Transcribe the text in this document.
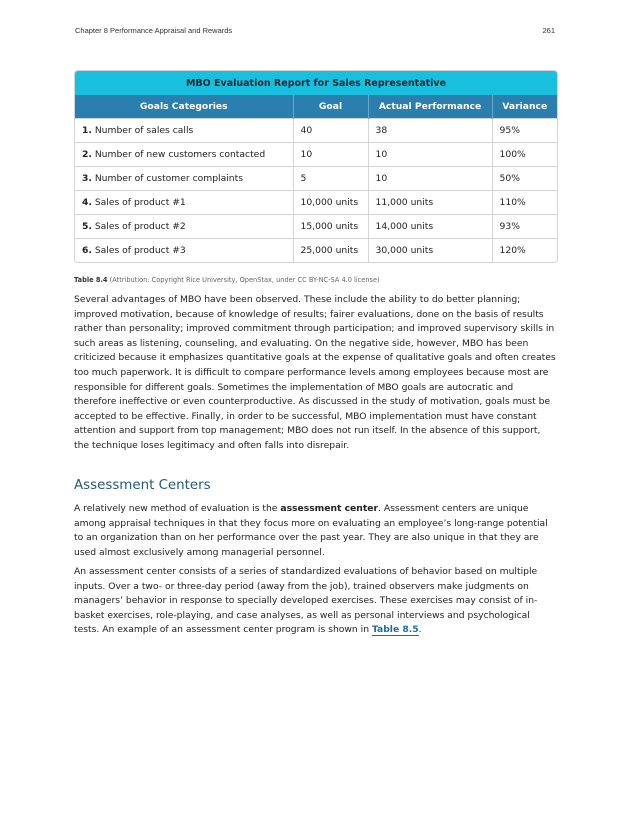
Chapter 8 Performance Appraisal and Rewards	261
MBO Evaluation Report for Sales Representative
Goals Categories	Goal	Actual Performance	Variance
1. Number of sales calls	40	38	95%
2. Number of new customers contacted	10	10	100%
3. Number of customer complaints	5	10	50%
4. Sales of product #1	10,000 units	11,000 units	110%
5. Sales of product #2	15,000 units	14,000 units	93%
6. Sales of product #3	25,000 units	30,000 units	120%
Table 8.4 (Attribution: Copyright Rice University, OpenStax, under CC BY-NC-SA 4.0 license)

Several advantages of MBO have been observed. These include the ability to do better planning; improved motivation, because of knowledge of results; fairer evaluations, done on the basis of results rather than personality; improved commitment through participation; and improved supervisory skills in such areas as listening, counseling, and evaluating. On the negative side, however, MBO has been criticized because it emphasizes quantitative goals at the expense of qualitative goals and often creates too much paperwork. It is difficult to compare performance levels among employees because most are responsible for different goals. Sometimes the implementation of MBO goals are autocratic and therefore ineffective or even counterproductive. As discussed in the study of motivation, goals must be accepted to be effective. Finally, in order to be successful, MBO implementation must have constant attention and support from top management; MBO does not run itself. In the absence of this support, the technique loses legitimacy and often falls into disrepair.

Assessment Centers

A relatively new method of evaluation is the assessment center. Assessment centers are unique among appraisal techniques in that they focus more on evaluating an employee’s long-range potential to an organization than on her performance over the past year. They are also unique in that they are used almost exclusively among managerial personnel.

An assessment center consists of a series of standardized evaluations of behavior based on multiple inputs. Over a two- or three-day period (away from the job), trained observers make judgments on managers’ behavior in response to specially developed exercises. These exercises may consist of in-basket exercises, role-playing, and case analyses, as well as personal interviews and psychological tests. An example of an assessment center program is shown in Table 8.5.
